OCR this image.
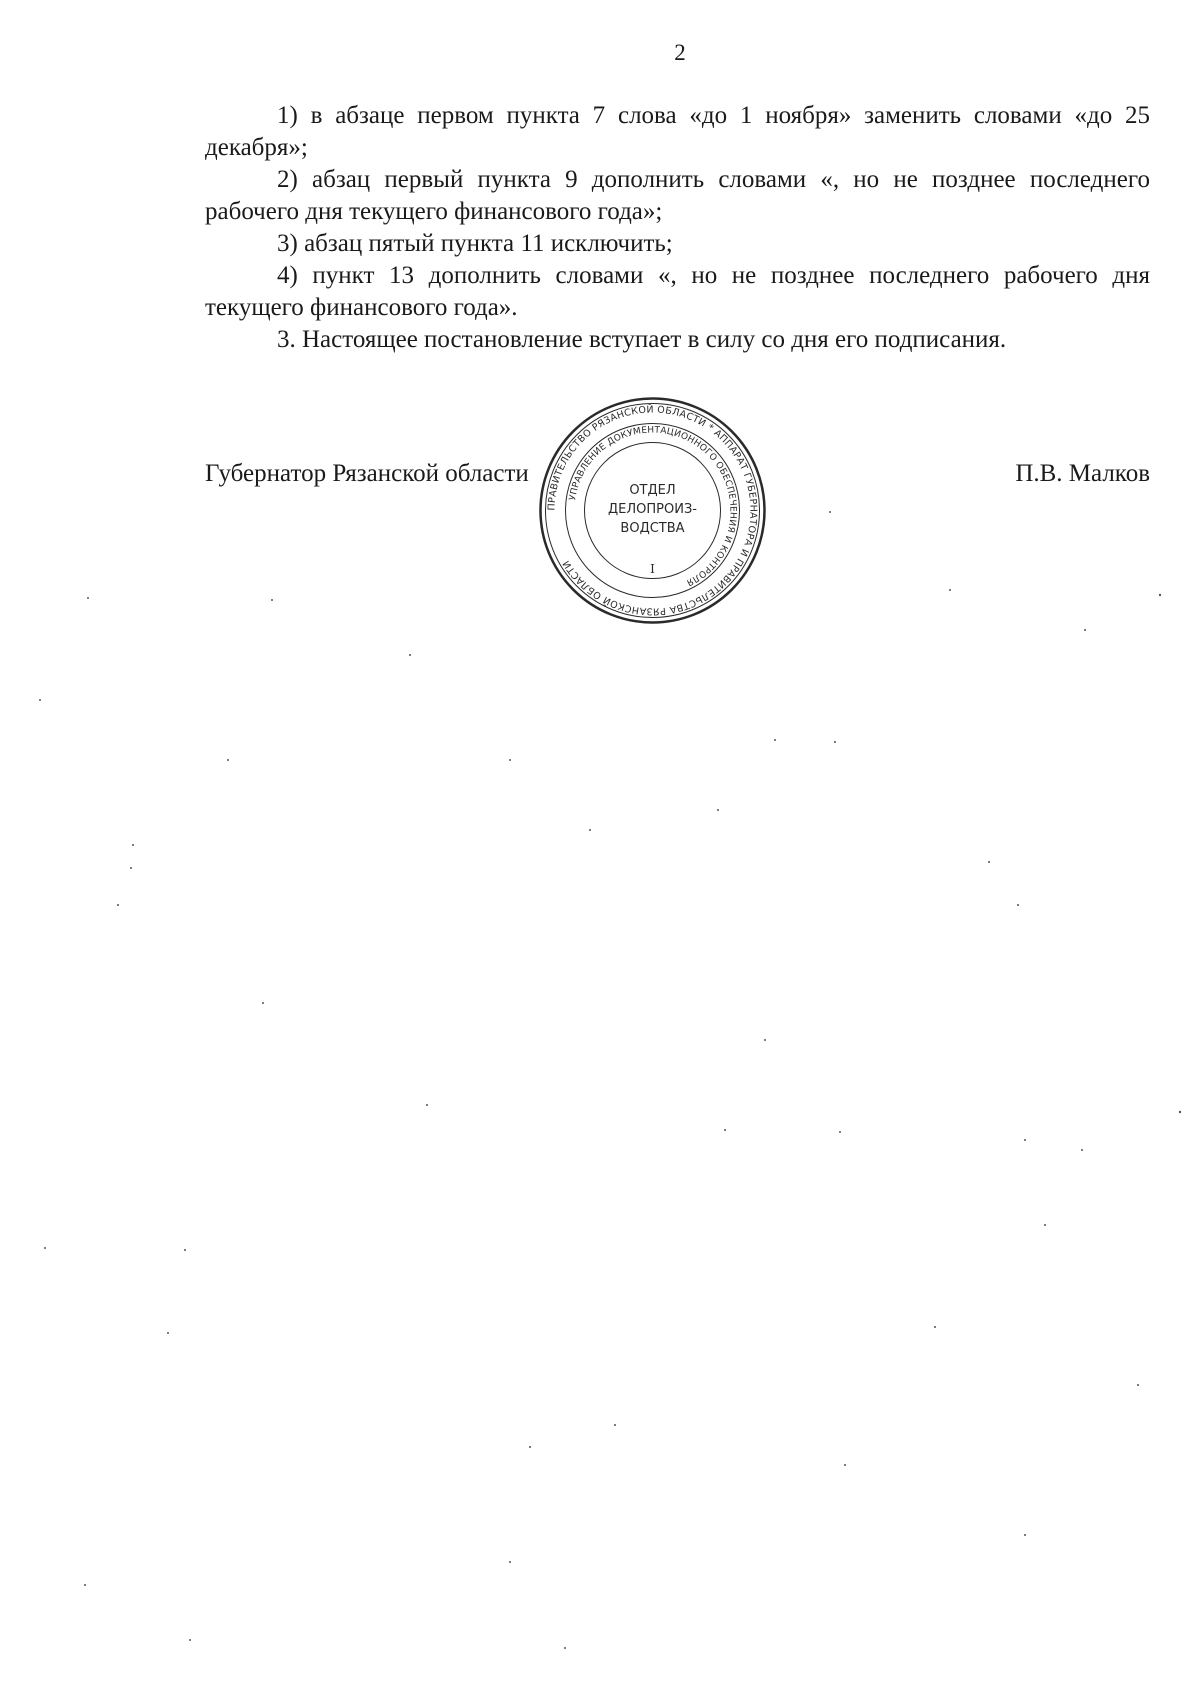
2

1) в абзаце первом пункта 7 слова «до 1 ноября» заменить словами «до 25 декабря»;

2) абзац первый пункта 9 дополнить словами «, но не позднее последнего рабочего дня текущего финансового года»;

3) абзац пятый пункта 11 исключить;

4) пункт 13 дополнить словами «, но не позднее последнего рабочего дня текущего финансового года».

3. Настоящее постановление вступает в силу со дня его подписания.

Губернатор Рязанской области	П.В. Малков
ПРАВИТЕЛЬСТВО РЯЗАНСКОЙ ОБЛАСТИ * АППАРАТ ГУБЕРНАТОРА И ПРАВИТЕЛЬСТВА РЯЗАНСКОЙ ОБЛАСТИ
УПРАВЛЕНИЕ ДОКУМЕНТАЦИОННОГО ОБЕСПЕЧЕНИЯ И КОНТРОЛЯ
ОТДЕЛ
ДЕЛОПРОИЗ-
ВОДСТВА
I
